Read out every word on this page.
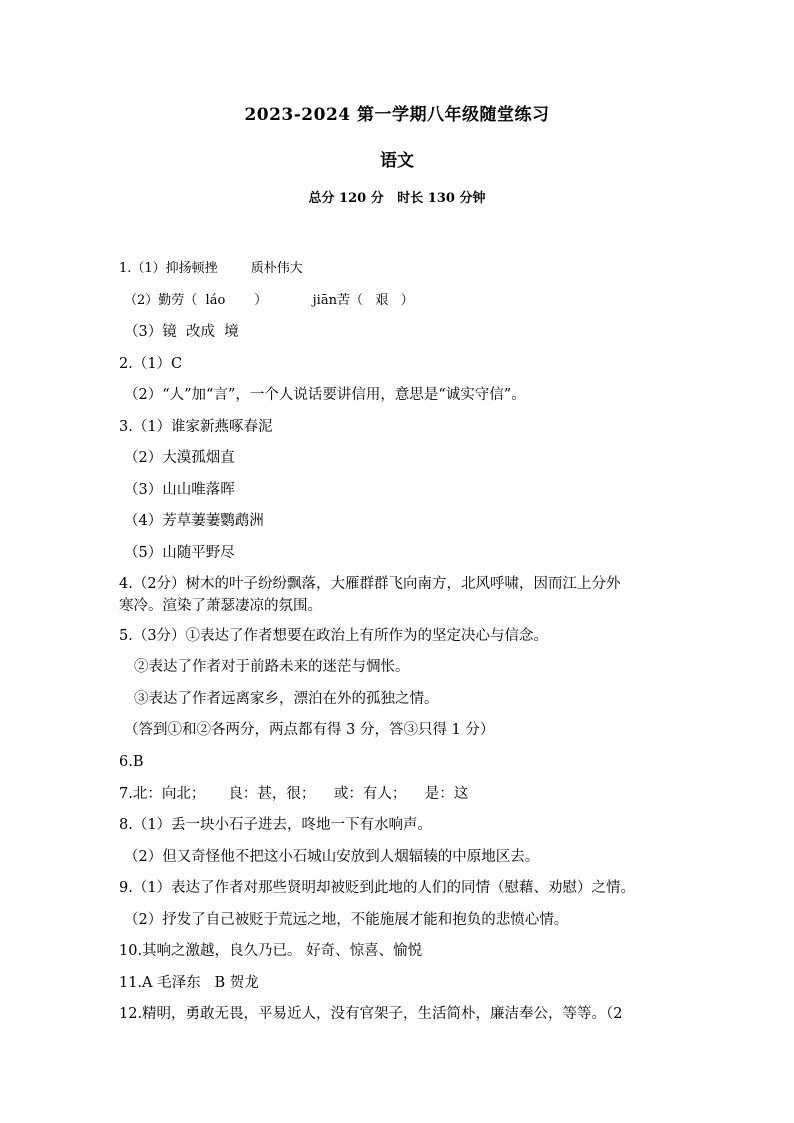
2023-2024 第一学期八年级随堂练习
语文
总分 120 分   时长 130 分钟
1.（1）抑扬顿挫        质朴伟大
（2）勤劳（  láo       ）           jiān苦（   艰   ）
（3）镜  改成  境
2.（1）C
（2）“人”加“言”，一个人说话要讲信用，意思是“诚实守信”。
3.（1）谁家新燕啄春泥
（2）大漠孤烟直
（3）山山唯落晖
（4）芳草萋萋鹦鹉洲
（5）山随平野尽
4.（2分）树木的叶子纷纷飘落，大雁群群飞向南方，北风呼啸，因而江上分外
寒冷。渲染了萧瑟凄凉的氛围。
5.（3分）①表达了作者想要在政治上有所作为的坚定决心与信念。
②表达了作者对于前路未来的迷茫与惆怅。
③表达了作者远离家乡，漂泊在外的孤独之情。
（答到①和②各两分，两点都有得 3 分，答③只得 1 分）
6.B
7.北：向北；     良：甚，很；    或：有人；    是：这
8.（1）丢一块小石子进去，咚地一下有水响声。
（2）但又奇怪他不把这小石城山安放到人烟辐辏的中原地区去。
9.（1）表达了作者对那些贤明却被贬到此地的人们的同情（慰藉、劝慰）之情。
（2）抒发了自己被贬于荒远之地，不能施展才能和抱负的悲愤心情。
10.其响之激越，良久乃已。 好奇、惊喜、愉悦
11.A 毛泽东   B 贺龙
12.精明，勇敢无畏，平易近人，没有官架子，生活简朴，廉洁奉公，等等。（2
